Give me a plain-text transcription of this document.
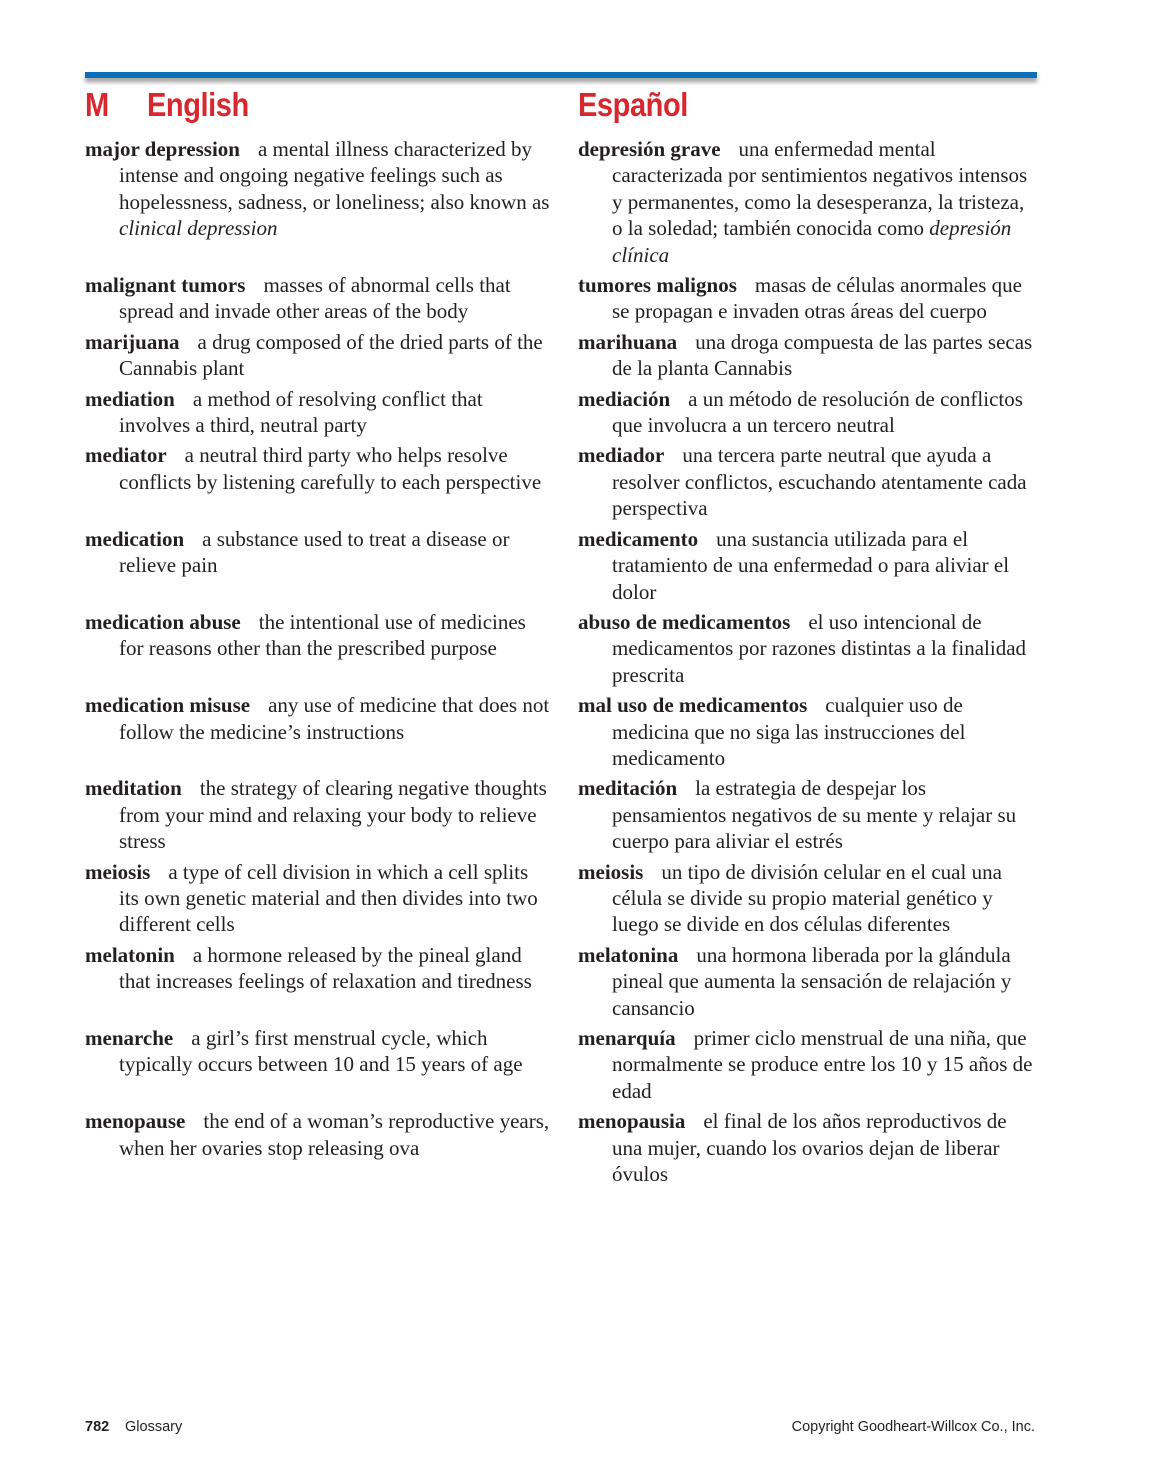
M English	Español
major depression a mental illness characterized by intense and ongoing negative feelings such as hopelessness, sadness, or loneliness; also known as clinical depression
depresión grave una enfermedad mental caracterizada por sentimientos negativos intensos y permanentes, como la desesperanza, la tristeza, o la soledad; también conocida como depresión clínica
malignant tumors masses of abnormal cells that spread and invade other areas of the body
tumores malignos masas de células anormales que se propagan e invaden otras áreas del cuerpo
marijuana a drug composed of the dried parts of the Cannabis plant
marihuana una droga compuesta de las partes secas de la planta Cannabis
mediation a method of resolving conflict that involves a third, neutral party
mediación a un método de resolución de conflictos que involucra a un tercero neutral
mediator a neutral third party who helps resolve conflicts by listening carefully to each perspective
mediador una tercera parte neutral que ayuda a resolver conflictos, escuchando atentamente cada perspectiva
medication a substance used to treat a disease or relieve pain
medicamento una sustancia utilizada para el tratamiento de una enfermedad o para aliviar el dolor
medication abuse the intentional use of medicines for reasons other than the prescribed purpose
abuso de medicamentos el uso intencional de medicamentos por razones distintas a la finalidad prescrita
medication misuse any use of medicine that does not follow the medicine’s instructions
mal uso de medicamentos cualquier uso de medicina que no siga las instrucciones del medicamento
meditation the strategy of clearing negative thoughts from your mind and relaxing your body to relieve stress
meditación la estrategia de despejar los pensamientos negativos de su mente y relajar su cuerpo para aliviar el estrés
meiosis a type of cell division in which a cell splits its own genetic material and then divides into two different cells
meiosis un tipo de división celular en el cual una célula se divide su propio material genético y luego se divide en dos células diferentes
melatonin a hormone released by the pineal gland that increases feelings of relaxation and tiredness
melatonina una hormona liberada por la glándula pineal que aumenta la sensación de relajación y cansancio
menarche a girl’s first menstrual cycle, which typically occurs between 10 and 15 years of age
menarquía primer ciclo menstrual de una niña, que normalmente se produce entre los 10 y 15 años de edad
menopause the end of a woman’s reproductive years, when her ovaries stop releasing ova
menopausia el final de los años reproductivos de una mujer, cuando los ovarios dejan de liberar óvulos
782 Glossary	Copyright Goodheart-Willcox Co., Inc.
